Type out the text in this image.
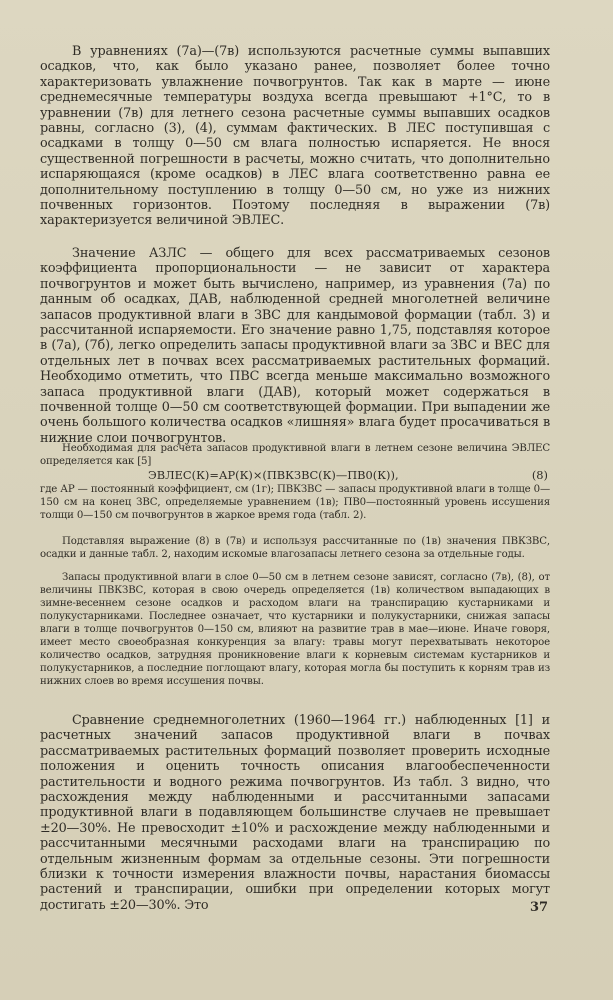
В уравнениях (7а)—(7в) используются расчетные суммы выпавших осадков, что, как было указано ранее, позволяет более точно характеризовать увлажнение почвогрунтов. Так как в марте — июне среднемесячные температуры воздуха всегда превышают +1°С, то в уравнении (7в) для летнего сезона расчетные суммы выпавших осадков равны, согласно (3), (4), суммам фактических. В ЛЕС поступившая с осадками в толщу 0—50 см влага полностью испаряется. Не внося существенной погрешности в расчеты, можно считать, что дополнительно испаряющаяся (кроме осадков) в ЛЕС влага соответственно равна ее дополнительному поступлению в толщу 0—50 см, но уже из нижних почвенных горизонтов. Поэтому последняя в выражении (7в) характеризуется величиной ЭВЛЕС.

Значение АЗЛС — общего для всех рассматриваемых сезонов коэффициента пропорциональности — не зависит от характера почвогрунтов и может быть вычислено, например, из уравнения (7а) по данным об осадках, ДАВ, наблюденной средней многолетней величине запасов продуктивной влаги в ЗВС для кандымовой формации (табл. 3) и рассчитанной испаряемости. Его значение равно 1,75, подставляя которое в (7а), (7б), легко определить запасы продуктивной влаги за ЗВС и ВЕС для отдельных лет в почвах всех рассматриваемых растительных формаций. Необходимо отметить, что ПВС всегда меньше максимально возможного запаса продуктивной влаги (ДАВ), который может содержаться в почвенной толще 0—50 см соответствующей формации. При выпадении же очень большого количества осадков «лишняя» влага будет просачиваться в нижние слои почвогрунтов.

Необходимая для расчета запасов продуктивной влаги в летнем сезоне величина ЭВЛЕС определяется как [5]

ЭВЛЕС(К)=АР(К)×(ПВКЗВС(К)—ПВ0(К)),	(8)

где АР — постоянный коэффициент, см (1г); ПВКЗВС — запасы продуктивной влаги в толще 0—150 см на конец ЗВС, определяемые уравнением (1в); ПВ0—постоянный уровень иссушения толщи 0—150 см почвогрунтов в жаркое время года (табл. 2).

Подставляя выражение (8) в (7в) и используя рассчитанные по (1в) значения ПВКЗВС, осадки и данные табл. 2, находим искомые влагозапасы летнего сезона за отдельные годы.

Запасы продуктивной влаги в слое 0—50 см в летнем сезоне зависят, согласно (7в), (8), от величины ПВКЗВС, которая в свою очередь определяется (1в) количеством выпадающих в зимне-весеннем сезоне осадков и расходом влаги на транспирацию кустарниками и полукустарниками. Последнее означает, что кустарники и полукустарники, снижая запасы влаги в толще почвогрунтов 0—150 см, влияют на развитие трав в мае—июне. Иначе говоря, имеет место своеобразная конкуренция за влагу: травы могут перехватывать некоторое количество осадков, затрудняя проникновение влаги к корневым системам кустарников и полукустарников, а последние поглощают влагу, которая могла бы поступить к корням трав из нижних слоев во время иссушения почвы.

Сравнение среднемноголетних (1960—1964 гг.) наблюденных [1] и расчетных значений запасов продуктивной влаги в почвах рассматриваемых растительных формаций позволяет проверить исходные положения и оценить точность описания влагообеспеченности растительности и водного режима почвогрунтов. Из табл. 3 видно, что расхождения между наблюденными и рассчитанными запасами продуктивной влаги в подавляющем большинстве случаев не превышает ±20—30%. Не превосходит ±10% и расхождение между наблюденными и рассчитанными месячными расходами влаги на транспирацию по отдельным жизненным формам за отдельные сезоны. Эти погрешности близки к точности измерения влажности почвы, нарастания биомассы растений и транспирации, ошибки при определении которых могут достигать ±20—30%. Это	37
